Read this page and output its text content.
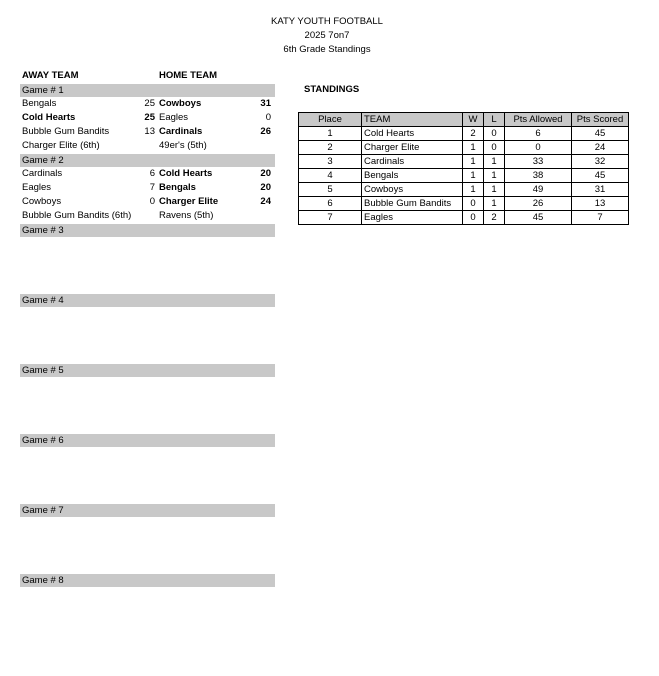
KATY YOUTH FOOTBALL
2025 7on7
6th Grade Standings
AWAY TEAM	HOME TEAM
Game # 1
Bengals	25 Cowboys	31
Cold Hearts	25 Eagles	0
Bubble Gum Bandits	13 Cardinals	26
Charger Elite (6th)	49er's (5th)
Game # 2
Cardinals	6 Cold Hearts	20
Eagles	7 Bengals	20
Cowboys	0 Charger Elite	24
Bubble Gum Bandits (6th)	Ravens (5th)
Game # 3
Game # 4
Game # 5
Game # 6
Game # 7
Game # 8
STANDINGS
Place	TEAM	W	L	Pts Allowed	Pts Scored
1	Cold Hearts	2	0	6	45
2	Charger Elite	1	0	0	24
3	Cardinals	1	1	33	32
4	Bengals	1	1	38	45
5	Cowboys	1	1	49	31
6	Bubble Gum Bandits	0	1	26	13
7	Eagles	0	2	45	7
